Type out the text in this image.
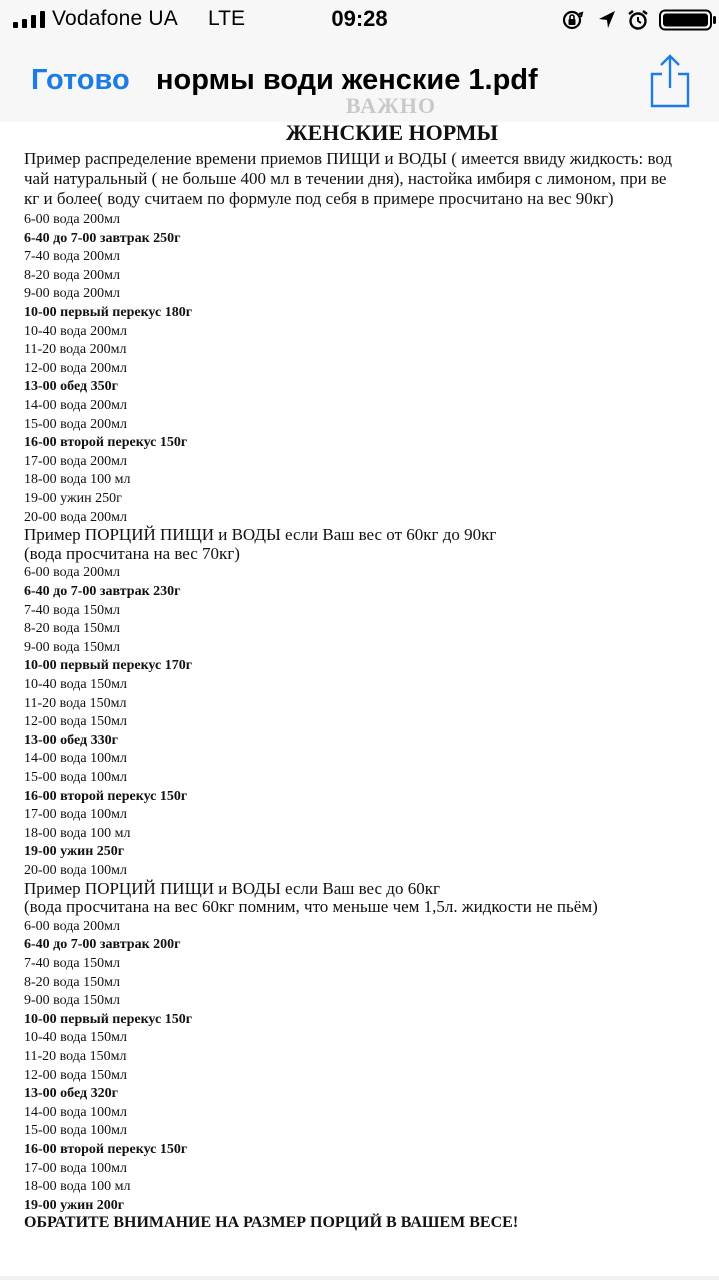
Vodafone UA LTE	09:28
Готово нормы води женские 1.pdf
ВАЖНО
ЖЕНСКИЕ НОРМЫ
Пример распределение времени приемов ПИЩИ и ВОДЫ ( имеется ввиду жидкость: вод
чай натуральный ( не больше 400 мл в течении дня), настойка имбиря с лимоном, при ве
кг и более( воду считаем по формуле под себя в примере просчитано на вес 90кг)
6-00 вода 200мл
6-40 до 7-00 завтрак 250г
7-40 вода 200мл
8-20 вода 200мл
9-00 вода 200мл
10-00 первый перекус 180г
10-40 вода 200мл
11-20 вода 200мл
12-00 вода 200мл
13-00 обед 350г
14-00 вода 200мл
15-00 вода 200мл
16-00 второй перекус 150г
17-00 вода 200мл
18-00 вода 100 мл
19-00 ужин 250г
20-00 вода 200мл
Пример ПОРЦИЙ ПИЩИ и ВОДЫ если Ваш вес от 60кг до 90кг
(вода просчитана на вес 70кг)
6-00 вода 200мл
6-40 до 7-00 завтрак 230г
7-40 вода 150мл
8-20 вода 150мл
9-00 вода 150мл
10-00 первый перекус 170г
10-40 вода 150мл
11-20 вода 150мл
12-00 вода 150мл
13-00 обед 330г
14-00 вода 100мл
15-00 вода 100мл
16-00 второй перекус 150г
17-00 вода 100мл
18-00 вода 100 мл
19-00 ужин 250г
20-00 вода 100мл
Пример ПОРЦИЙ ПИЩИ и ВОДЫ если Ваш вес до 60кг
(вода просчитана на вес 60кг помним, что меньше чем 1,5л. жидкости не пьём)
6-00 вода 200мл
6-40 до 7-00 завтрак 200г
7-40 вода 150мл
8-20 вода 150мл
9-00 вода 150мл
10-00 первый перекус 150г
10-40 вода 150мл
11-20 вода 150мл
12-00 вода 150мл
13-00 обед 320г
14-00 вода 100мл
15-00 вода 100мл
16-00 второй перекус 150г
17-00 вода 100мл
18-00 вода 100 мл
19-00 ужин 200г
ОБРАТИТЕ ВНИМАНИЕ НА РАЗМЕР ПОРЦИЙ В ВАШЕМ ВЕСЕ!
